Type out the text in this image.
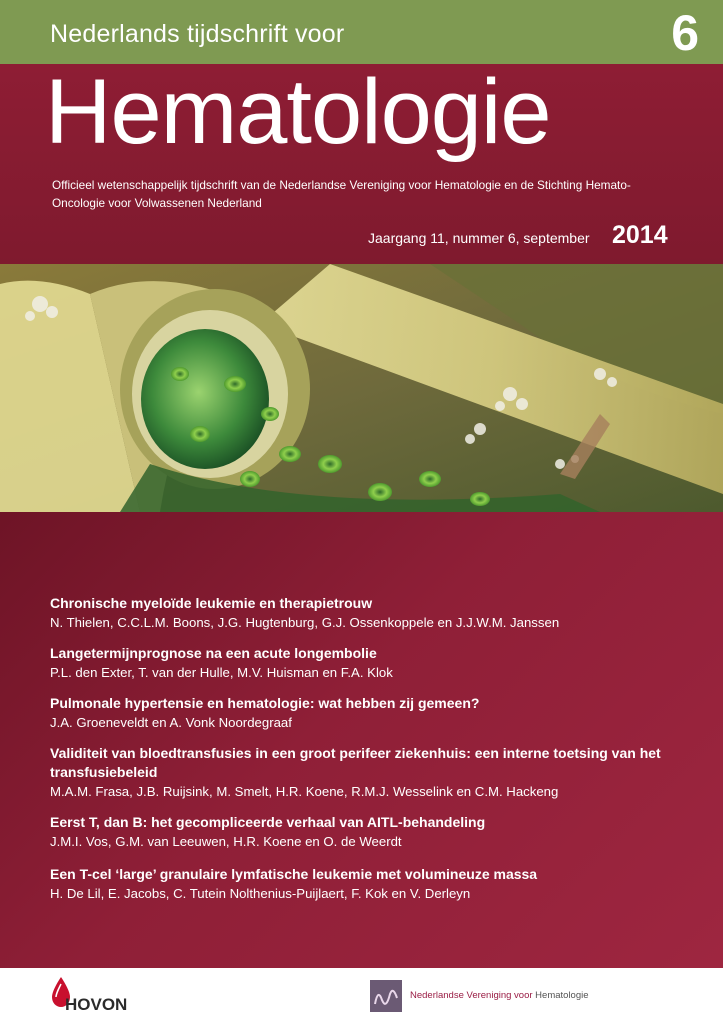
Nederlands tijdschrift voor	6
Hematologie
Officieel wetenschappelijk tijdschrift van de Nederlandse Vereniging voor Hematologie en de Stichting Hemato-Oncologie voor Volwassenen Nederland
Jaargang 11, nummer 6, september 2014
Chronische myeloïde leukemie en therapietrouw
N. Thielen, C.C.L.M. Boons, J.G. Hugtenburg, G.J. Ossenkoppele en J.J.W.M. Janssen
Langetermijnprognose na een acute longembolie
P.L. den Exter, T. van der Hulle, M.V. Huisman en F.A. Klok
Pulmonale hypertensie en hematologie: wat hebben zij gemeen?
J.A. Groeneveldt en A. Vonk Noordegraaf
Validiteit van bloedtransfusies in een groot perifeer ziekenhuis: een interne toetsing van het transfusiebeleid
M.A.M. Frasa, J.B. Ruijsink, M. Smelt, H.R. Koene, R.M.J. Wesselink en C.M. Hackeng
Eerst T, dan B: het gecompliceerde verhaal van AITL-behandeling
J.M.I. Vos, G.M. van Leeuwen, H.R. Koene en O. de Weerdt
Een T-cel ‘large’ granulaire lymfatische leukemie met volumineuze massa
H. De Lil, E. Jacobs, C. Tutein Nolthenius-Puijlaert, F. Kok en V. Derleyn
HOVON	Nederlandse Vereniging voor Hematologie
